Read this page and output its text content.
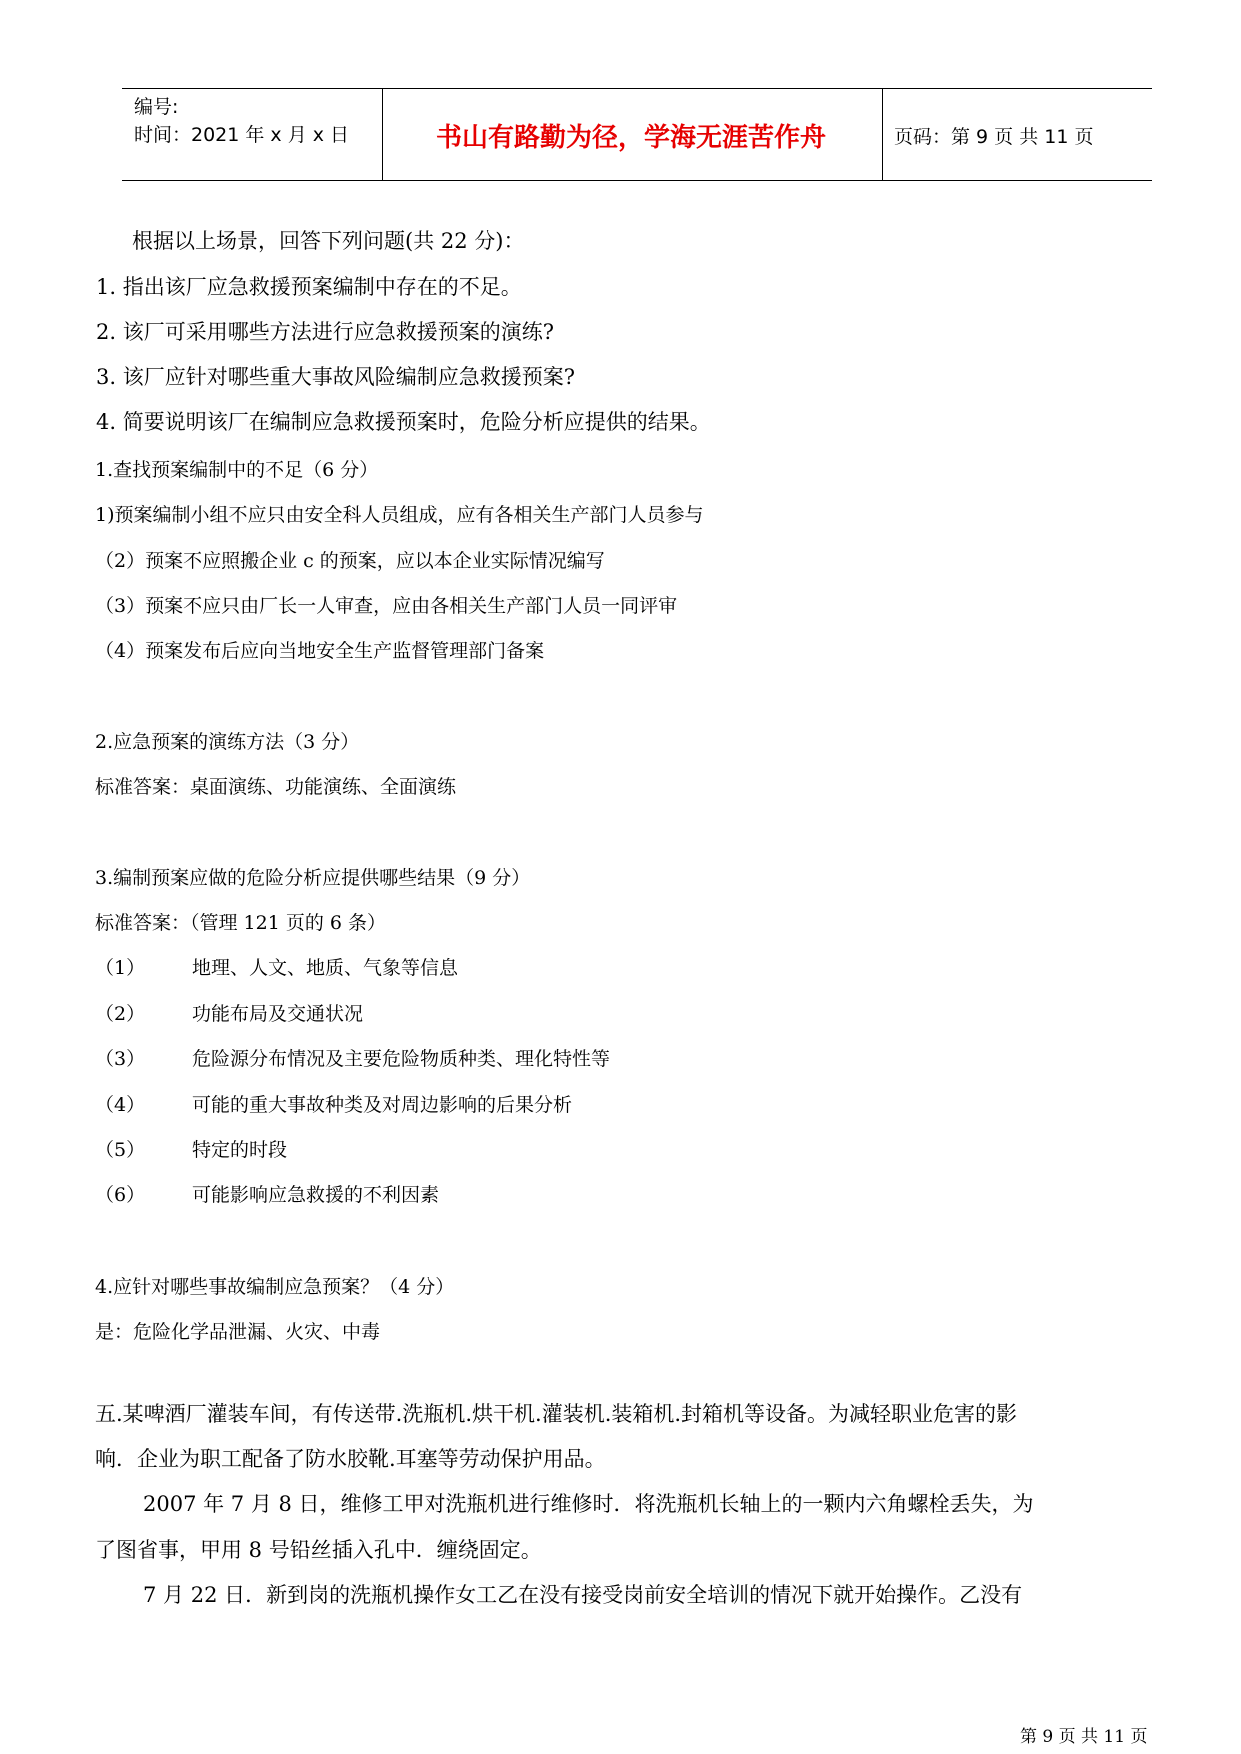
编号:
时间：2021 年 x 月 x 日	书山有路勤为径，学海无涯苦作舟	页码：第 9 页 共 11 页
根据以上场景，回答下列问题(共 22 分)：
1. 指出该厂应急救援预案编制中存在的不足。
2. 该厂可采用哪些方法进行应急救援预案的演练?
3. 该厂应针对哪些重大事故风险编制应急救援预案?
4. 简要说明该厂在编制应急救援预案时，危险分析应提供的结果。
1.查找预案编制中的不足（6 分）
1)预案编制小组不应只由安全科人员组成，应有各相关生产部门人员参与
（2）预案不应照搬企业 c 的预案，应以本企业实际情况编写
（3）预案不应只由厂长一人审查，应由各相关生产部门人员一同评审
（4）预案发布后应向当地安全生产监督管理部门备案
2.应急预案的演练方法（3 分）
标准答案：桌面演练、功能演练、全面演练
3.编制预案应做的危险分析应提供哪些结果（9 分）
标准答案：（管理 121 页的 6 条）
（1） 地理、人文、地质、气象等信息
（2） 功能布局及交通状况
（3） 危险源分布情况及主要危险物质种类、理化特性等
（4） 可能的重大事故种类及对周边影响的后果分析
（5） 特定的时段
（6） 可能影响应急救援的不利因素
4.应针对哪些事故编制应急预案？（4 分）
是：危险化学品泄漏、火灾、中毒
五.某啤酒厂灌装车间，有传送带.洗瓶机.烘干机.灌装机.装箱机.封箱机等设备。为减轻职业危害的影
响．企业为职工配备了防水胶靴.耳塞等劳动保护用品。
2007 年 7 月 8 日，维修工甲对洗瓶机进行维修时．将洗瓶机长轴上的一颗内六角螺栓丢失，为
了图省事，甲用 8 号铅丝插入孔中．缠绕固定。
7 月 22 日．新到岗的洗瓶机操作女工乙在没有接受岗前安全培训的情况下就开始操作。乙没有
第 9 页 共 11 页
